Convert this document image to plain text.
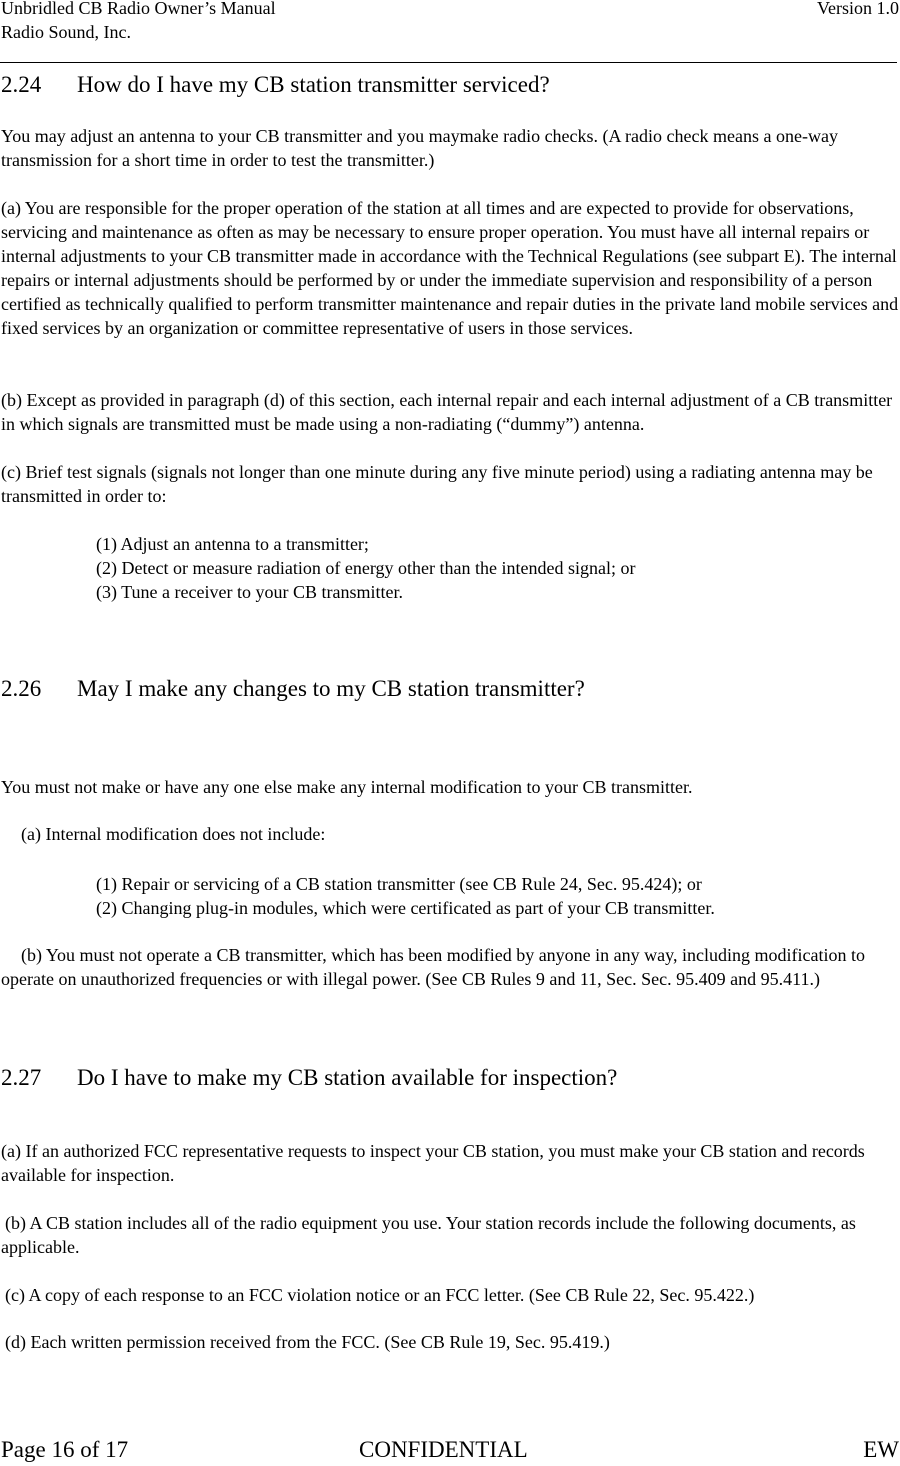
Unbridled CB Radio Owner’s Manual	Version 1.0
Radio Sound, Inc.
2.24 How do I have my CB station transmitter serviced?
You may adjust an antenna to your CB transmitter and you maymake radio checks. (A radio check means a one-way transmission for a short time in order to test the transmitter.)
(a) You are responsible for the proper operation of the station at all times and are expected to provide for observations, servicing and maintenance as often as may be necessary to ensure proper operation. You must have all internal repairs or internal adjustments to your CB transmitter made in accordance with the Technical Regulations (see subpart E). The internal repairs or internal adjustments should be performed by or under the immediate supervision and responsibility of a person certified as technically qualified to perform transmitter maintenance and repair duties in the private land mobile services and fixed services by an organization or committee representative of users in those services.
(b) Except as provided in paragraph (d) of this section, each internal repair and each internal adjustment of a CB transmitter in which signals are transmitted must be made using a non-radiating (“dummy”) antenna.
(c) Brief test signals (signals not longer than one minute during any five minute period) using a radiating antenna may be transmitted in order to:
(1) Adjust an antenna to a transmitter;
(2) Detect or measure radiation of energy other than the intended signal; or
(3) Tune a receiver to your CB transmitter.
2.26 May I make any changes to my CB station transmitter?
You must not make or have any one else make any internal modification to your CB transmitter.
(a) Internal modification does not include:
(1) Repair or servicing of a CB station transmitter (see CB Rule 24, Sec. 95.424); or
(2) Changing plug-in modules, which were certificated as part of your CB transmitter.
(b) You must not operate a CB transmitter, which has been modified by anyone in any way, including modification to operate on unauthorized frequencies or with illegal power. (See CB Rules 9 and 11, Sec. Sec. 95.409 and 95.411.)
2.27 Do I have to make my CB station available for inspection?
(a) If an authorized FCC representative requests to inspect your CB station, you must make your CB station and records available for inspection.
(b) A CB station includes all of the radio equipment you use. Your station records include the following documents, as applicable.
(c) A copy of each response to an FCC violation notice or an FCC letter. (See CB Rule 22, Sec. 95.422.)
(d) Each written permission received from the FCC. (See CB Rule 19, Sec. 95.419.)
Page 16 of 17	CONFIDENTIAL	EW
